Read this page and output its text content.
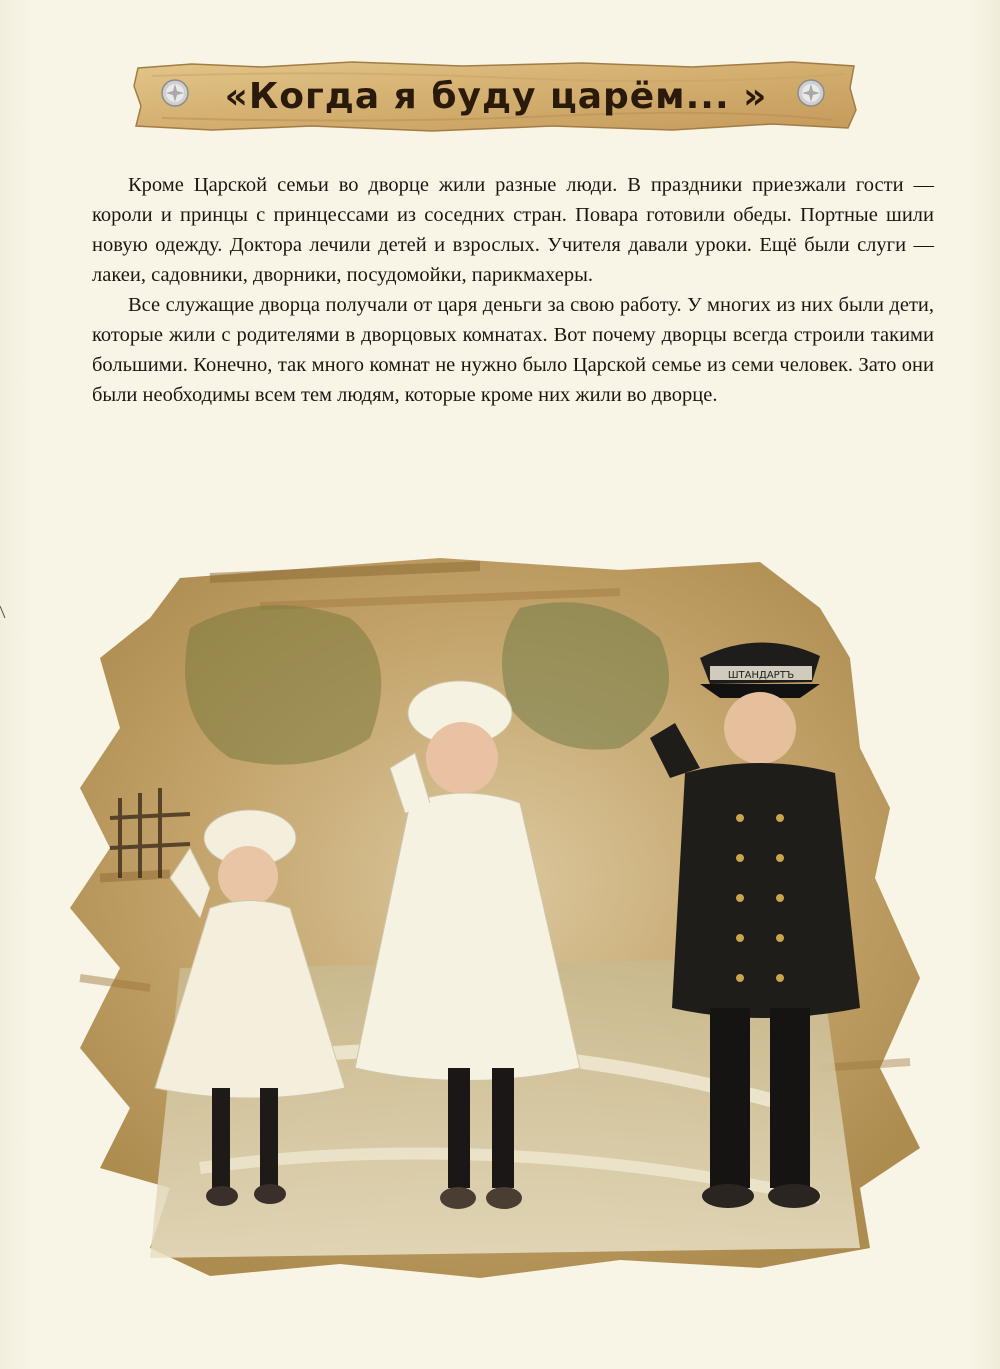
«Когда я буду царём... »

Кроме Царской семьи во дворце жили разные люди. В праздники приезжали гости — короли и принцы с принцессами из соседних стран. Повара готовили обеды. Портные шили новую одежду. Доктора лечили детей и взрослых. Учителя давали уроки. Ещё были слуги — лакеи, садовники, дворники, посудомойки, парикмахеры.

Все служащие дворца получали от царя деньги за свою работу. У многих из них были дети, которые жили с родителями в дворцовых комнатах. Вот почему дворцы всегда строили такими большими. Конечно, так много комнат не нужно было Царской семье из семи человек. Зато они были необходимы всем тем людям, которые кроме них жили во дворце.

ШТАНДАРТЪ
